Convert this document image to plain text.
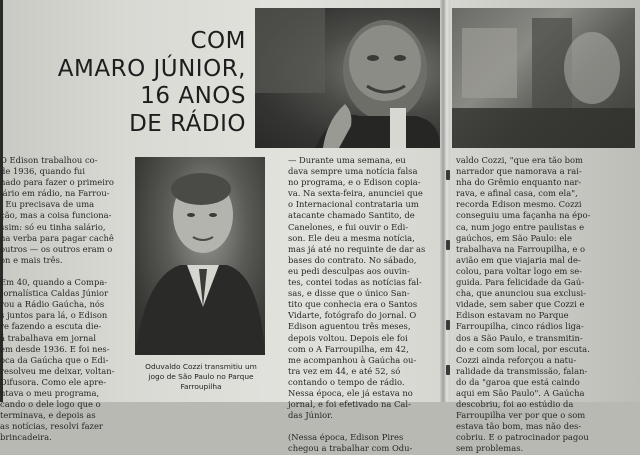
COM
AMARO JÚNIOR,
16 ANOS
DE RÁDIO
O Edison trabalhou co-
de 1936, quando fui
nado para fazer o primeiro
iário em rádio, na Farrou-
. Eu precisava de uma
ção, mas a coisa funciona-
ssim: só eu tinha salário,
na verba para pagar cachê
outros — os outros eram o
on e mais três.

Em 40, quando a Compa-
Jornalística Caldas Júnior
rou a Rádio Gaúcha, nós
s juntos para lá, o Edison
re fazendo a escuta die-
á trabalhava em jornal
em desde 1936. E foi nes-
oca da Gaúcha que o Edi-
resolveu me deixar, voltan-
Difusora. Como ele apre-
ntava o meu programa,
cando o dele logo que o
terminava, e depois as
as notícias, resolvi fazer
brincadeira.
Oduvaldo Cozzi transmitiu um
jogo de São Paulo no Parque
Farroupilha
— Durante uma semana, eu
dava sempre uma notícia falsa
no programa, e o Edison copia-
va. Na sexta-feira, anunciei que
o Internacional contrataria um
atacante chamado Santito, de
Canelones, e fui ouvir o Edi-
son. Ele deu a mesma notícia,
mas já até no requinte de dar as
bases do contrato. No sábado,
eu pedi desculpas aos ouvin-
tes, contei todas as notícias fal-
sas, e disse que o único San-
tito que conhecia era o Santos
Vidarte, fotógrafo do jornal. O
Edison aguentou três meses,
depois voltou. Depois ele foi
com o A Farroupilha, em 42,
me acompanhou à Gaúcha ou-
tra vez em 44, e até 52, só
contando o tempo de rádio.
Nessa época, ele já estava no
jornal, e foi efetivado na Cal-
das Júnior.

(Nessa época, Edison Pires
chegou a trabalhar com Odu-
valdo Cozzi, "que era tão bom
narrador que namorava a rai-
nha do Grêmio enquanto nar-
rava, e afinal casa, com ela",
recorda Edison mesmo. Cozzi
conseguiu uma façanha na épo-
ca, num jogo entre paulistas e
gaúchos, em São Paulo: ele
trabalhava na Farroupilha, e o
avião em que viajaria mal de-
colou, para voltar logo em se-
guida. Para felicidade da Gaú-
cha, que anunciou sua exclusi-
vidade, sem saber que Cozzi e
Edison estavam no Parque
Farroupilha, cinco rádios liga-
dos a São Paulo, e transmitin-
do e com som local, por escuta.
Cozzi ainda reforçou a natu-
ralidade da transmissão, falan-
do da "garoa que está caindo
aqui em São Paulo". A Gaúcha
descobriu, foi ao estúdio da
Farroupilha ver por que o som
estava tão bom, mas não des-
cobriu. E o patrocinador pagou
sem problemas.
